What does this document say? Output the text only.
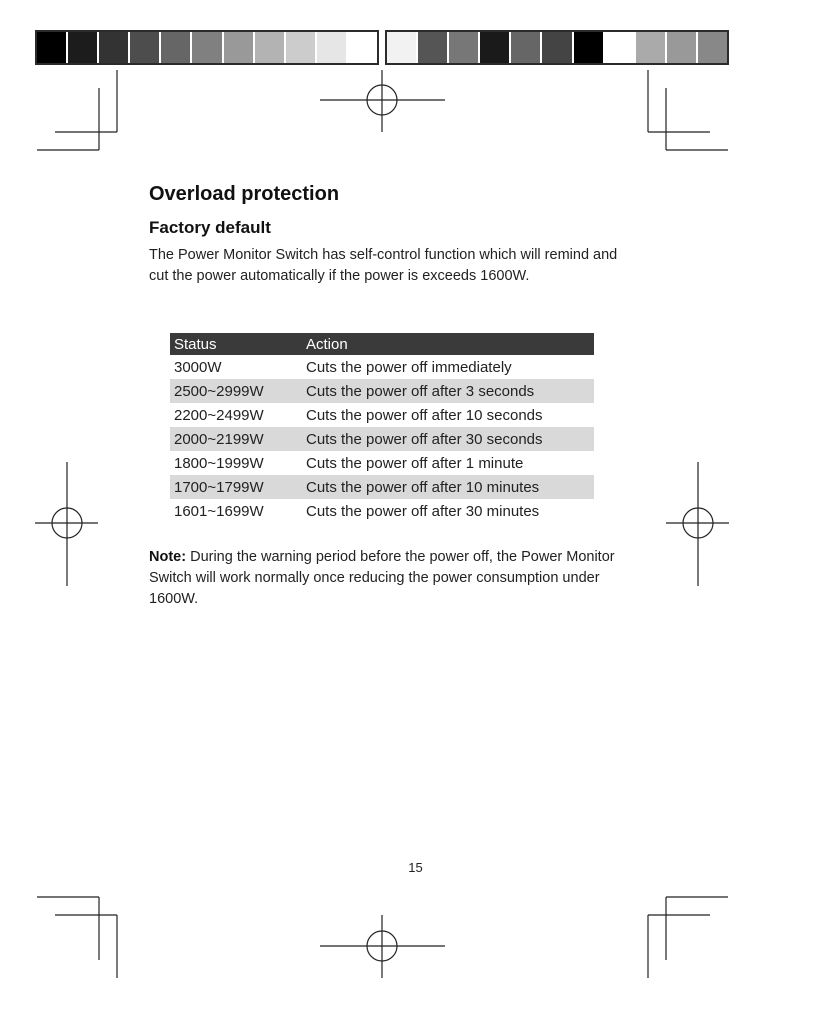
Overload protection
Factory default

The Power Monitor Switch has self-control function which will remind and cut the power automatically if the power is exceeds 1600W.

Status	Action
3000W	Cuts the power off immediately
2500~2999W	Cuts the power off after 3 seconds
2200~2499W	Cuts the power off after 10 seconds
2000~2199W	Cuts the power off after 30 seconds
1800~1999W	Cuts the power off after 1 minute
1700~1799W	Cuts the power off after 10 minutes
1601~1699W	Cuts the power off after 30 minutes

Note: During the warning period before the power off, the Power Monitor Switch will work normally once reducing the power consumption under 1600W.

15
